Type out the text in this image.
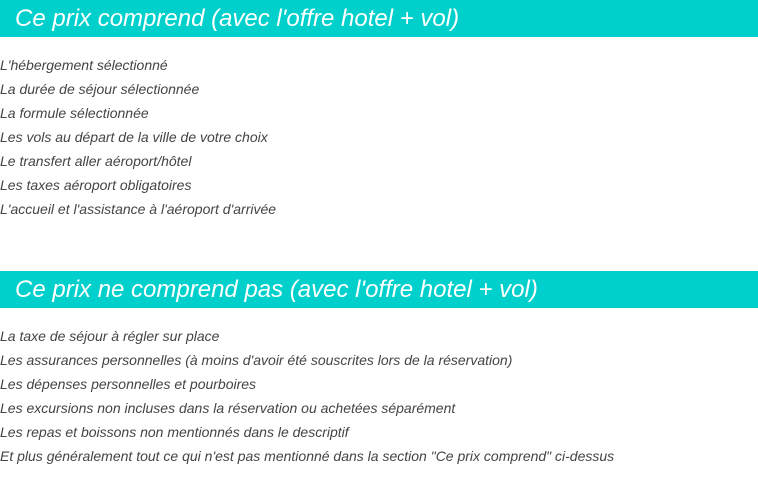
Ce prix comprend (avec l'offre hotel + vol)
L'hébergement sélectionné
La durée de séjour sélectionnée
La formule sélectionnée
Les vols au départ de la ville de votre choix
Le transfert aller aéroport/hôtel
Les taxes aéroport obligatoires
L'accueil et l'assistance à l'aéroport d'arrivée
Ce prix ne comprend pas (avec l'offre hotel + vol)
La taxe de séjour à régler sur place
Les assurances personnelles (à moins d'avoir été souscrites lors de la réservation)
Les dépenses personnelles et pourboires
Les excursions non incluses dans la réservation ou achetées séparément
Les repas et boissons non mentionnés dans le descriptif
Et plus généralement tout ce qui n'est pas mentionné dans la section "Ce prix comprend" ci-dessus
